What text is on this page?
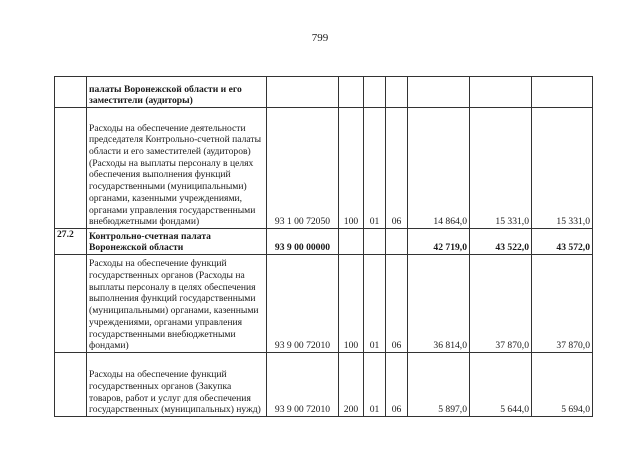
799
	палаты Воронежской области и его заместители (аудиторы)							
	Расходы на обеспечение деятельности председателя Контрольно-счетной палаты области и его заместителей (аудиторов) (Расходы на выплаты персоналу в целях обеспечения выполнения функций государственными (муниципальными) органами, казенными учреждениями, органами управления государственными внебюджетными фондами)	93 1 00 72050	100	01	06	14 864,0	15 331,0	15 331,0
27.2	Контрольно-счетная палата Воронежской области	93 9 00 00000				42 719,0	43 522,0	43 572,0
	Расходы на обеспечение функций государственных органов (Расходы на выплаты персоналу в целях обеспечения выполнения функций государственными (муниципальными) органами, казенными учреждениями, органами управления государственными внебюджетными фондами)	93 9 00 72010	100	01	06	36 814,0	37 870,0	37 870,0
	Расходы на обеспечение функций государственных органов (Закупка товаров, работ и услуг для обеспечения государственных (муниципальных) нужд)	93 9 00 72010	200	01	06	5 897,0	5 644,0	5 694,0
